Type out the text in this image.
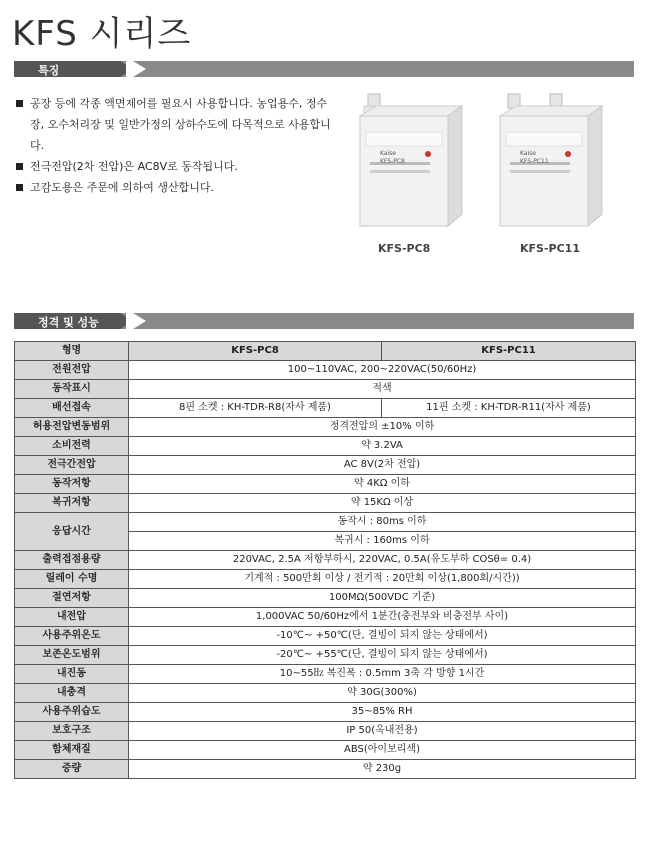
KFS 시리즈
특징
공장 등에 각종 액면제어를 필요시 사용합니다. 농업용수, 정수장, 오수처리장 및 일반가정의 상하수도에 다목적으로 사용합니다.
전극전압(2차 전압)은 AC8V로 동작됩니다.
고감도용은 주문에 의하여 생산합니다.
Kaise
KFS-PC8
Kaise
KFS-PC11
KFS-PC8	KFS-PC11
정격 및 성능
형명	KFS-PC8	KFS-PC11
전원전압	100~110VAC, 200~220VAC(50/60Hz)	
동작표시	적색	
배선접속	8핀 소켓 : KH-TDR-R8(자사 제품)	11핀 소켓 : KH-TDR-R11(자사 제품)
허용전압변동범위	정격전압의 ±10% 이하	
소비전력	약 3.2VA	
전극간전압	AC 8V(2차 전압)	
동작저항	약 4KΩ 이하	
복귀저항	약 15KΩ 이상	
응답시간	동작시 : 80ms 이하	
	복귀시 : 160ms 이하	
출력접점용량	220VAC, 2.5A 저항부하시, 220VAC, 0.5A(유도부하 COSθ= 0.4)	
릴레이 수명	기계적 : 500만회 이상 / 전기적 : 20만회 이상(1,800회/시간))	
절연저항	100MΩ(500VDC 기준)	
내전압	1,000VAC 50/60Hz에서 1분간(충전부와 비충전부 사이)	
사용주위온도	-10℃~ +50℃(단, 결빙이 되지 않는 상태에서)	
보존온도범위	-20℃~ +55℃(단, 결빙이 되지 않는 상태에서)	
내진동	10~55㎐ 복진폭 : 0.5mm 3축 각 방향 1시간	
내충격	약 30G(300%)	
사용주위습도	35~85% RH	
보호구조	IP 50(옥내전용)	
함체재질	ABS(아이보리색)	
중량	약 230g	
